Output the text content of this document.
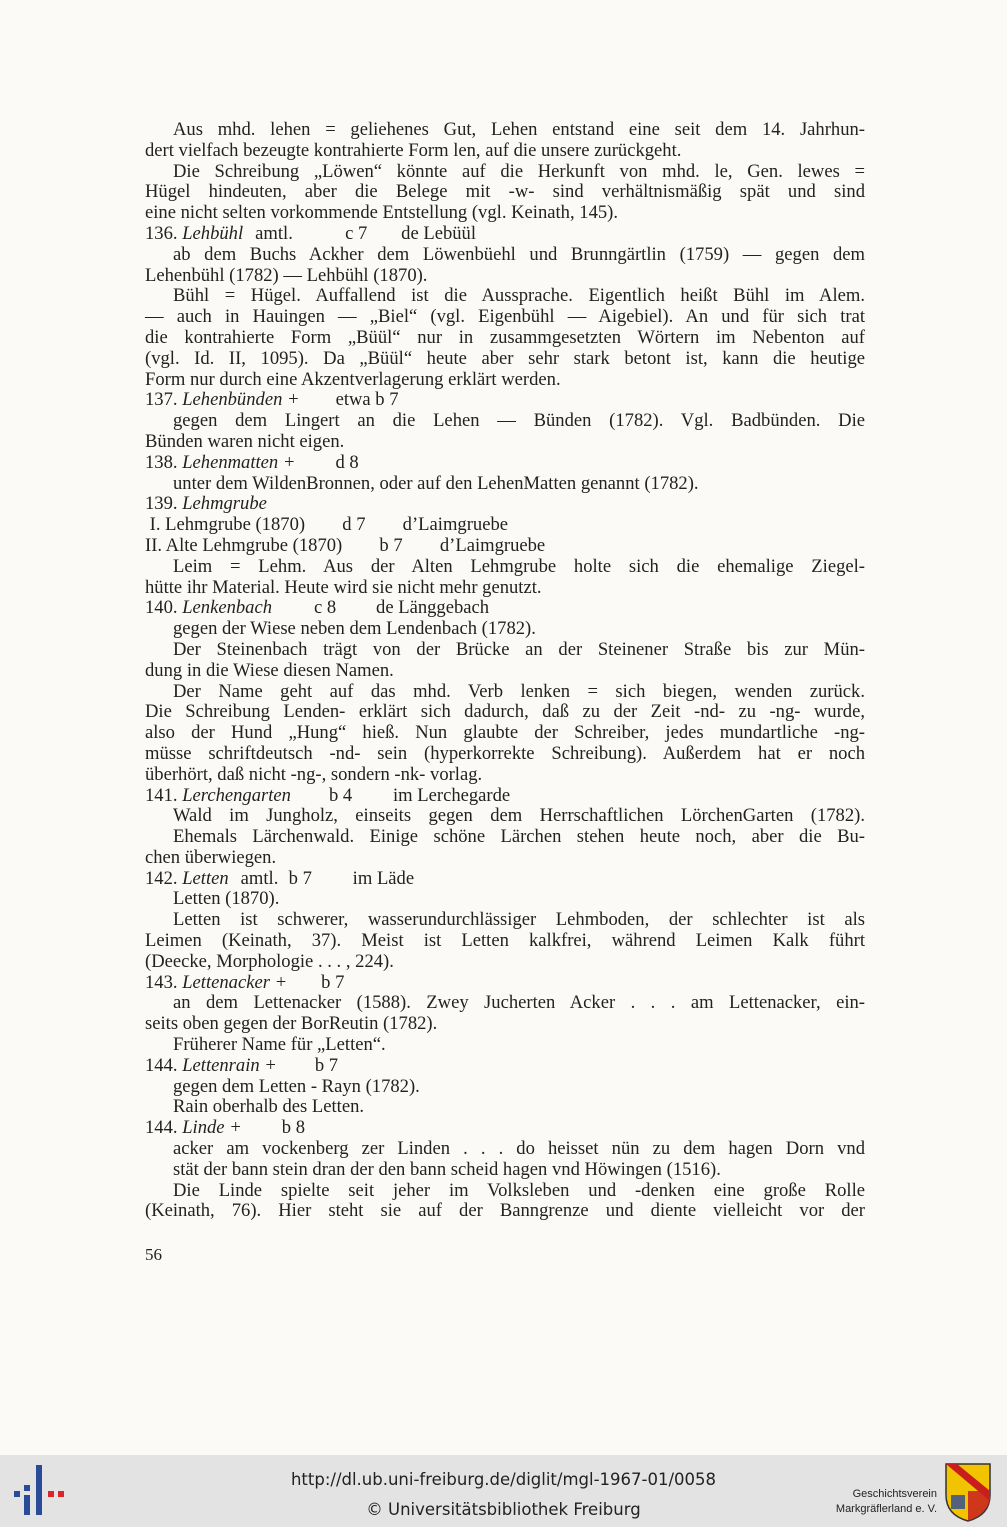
Aus mhd. lehen = geliehenes Gut, Lehen entstand eine seit dem 14. Jahrhun-
dert vielfach bezeugte kontrahierte Form len, auf die unsere zurückgeht.
Die Schreibung „Löwen“ könnte auf die Herkunft von mhd. le, Gen. lewes =
Hügel hindeuten, aber die Belege mit -w- sind verhältnismäßig spät und sind
eine nicht selten vorkommende Entstellung (vgl. Keinath, 145).
136. Lehbühl amtl.	c 7 de Lebüül
ab dem Buchs Ackher dem Löwenbüehl und Brunngärtlin (1759) — gegen dem
Lehenbühl (1782) — Lehbühl (1870).
Bühl = Hügel. Auffallend ist die Aussprache. Eigentlich heißt Bühl im Alem.
— auch in Hauingen — „Biel“ (vgl. Eigenbühl — Aigebiel). An und für sich trat
die kontrahierte Form „Büül“ nur in zusammgesetzten Wörtern im Nebenton auf
(vgl. Id. II, 1095). Da „Büül“ heute aber sehr stark betont ist, kann die heutige
Form nur durch eine Akzentverlagerung erklärt werden.
137. Lehenbünden + etwa b 7
gegen dem Lingert an die Lehen — Bünden (1782). Vgl. Badbünden. Die
Bünden waren nicht eigen.
138. Lehenmatten + d 8
unter dem WildenBronnen, oder auf den LehenMatten genannt (1782).
139. Lehmgrube
I. Lehmgrube (1870)        d 7        d’Laimgruebe
II. Alte Lehmgrube (1870)        b 7        d’Laimgruebe
Leim = Lehm. Aus der Alten Lehmgrube holte sich die ehemalige Ziegel-
hütte ihr Material. Heute wird sie nicht mehr genutzt.
140. Lenkenbach c 8 de Länggebach
gegen der Wiese neben dem Lendenbach (1782).
Der Steinenbach trägt von der Brücke an der Steinener Straße bis zur Mün-
dung in die Wiese diesen Namen.
Der Name geht auf das mhd. Verb lenken = sich biegen, wenden zurück.
Die Schreibung Lenden- erklärt sich dadurch, daß zu der Zeit -nd- zu -ng- wurde,
also der Hund „Hung“ hieß. Nun glaubte der Schreiber, jedes mundartliche -ng-
müsse schriftdeutsch -nd- sein (hyperkorrekte Schreibung). Außerdem hat er noch
überhört, daß nicht -ng-, sondern -nk- vorlag.
141. Lerchengarten b 4 im Lerchegarde
Wald im Jungholz, einseits gegen dem Herrschaftlichen LörchenGarten (1782).
Ehemals Lärchenwald. Einige schöne Lärchen stehen heute noch, aber die Bu-
chen überwiegen.
142. Letten amtl. b 7 im Läde
Letten (1870).
Letten ist schwerer, wasserundurchlässiger Lehmboden, der schlechter ist als
Leimen (Keinath, 37). Meist ist Letten kalkfrei, während Leimen Kalk führt
(Deecke, Morphologie . . . , 224).
143. Lettenacker + b 7
an dem Lettenacker (1588). Zwey Jucherten Acker . . . am Lettenacker, ein-
seits oben gegen der BorReutin (1782).
Früherer Name für „Letten“.
144. Lettenrain + b 7
gegen dem Letten - Rayn (1782).
Rain oberhalb des Letten.
144. Linde + b 8
acker am vockenberg zer Linden . . . do heisset nün zu dem hagen Dorn vnd
stät der bann stein dran der den bann scheid hagen vnd Höwingen (1516).
Die Linde spielte seit jeher im Volksleben und -denken eine große Rolle
(Keinath, 76). Hier steht sie auf der Banngrenze und diente vielleicht vor der
56
http://dl.ub.uni-freiburg.de/diglit/mgl-1967-01/0058
© Universitätsbibliothek Freiburg
Geschichtsverein
Markgräflerland e. V.
